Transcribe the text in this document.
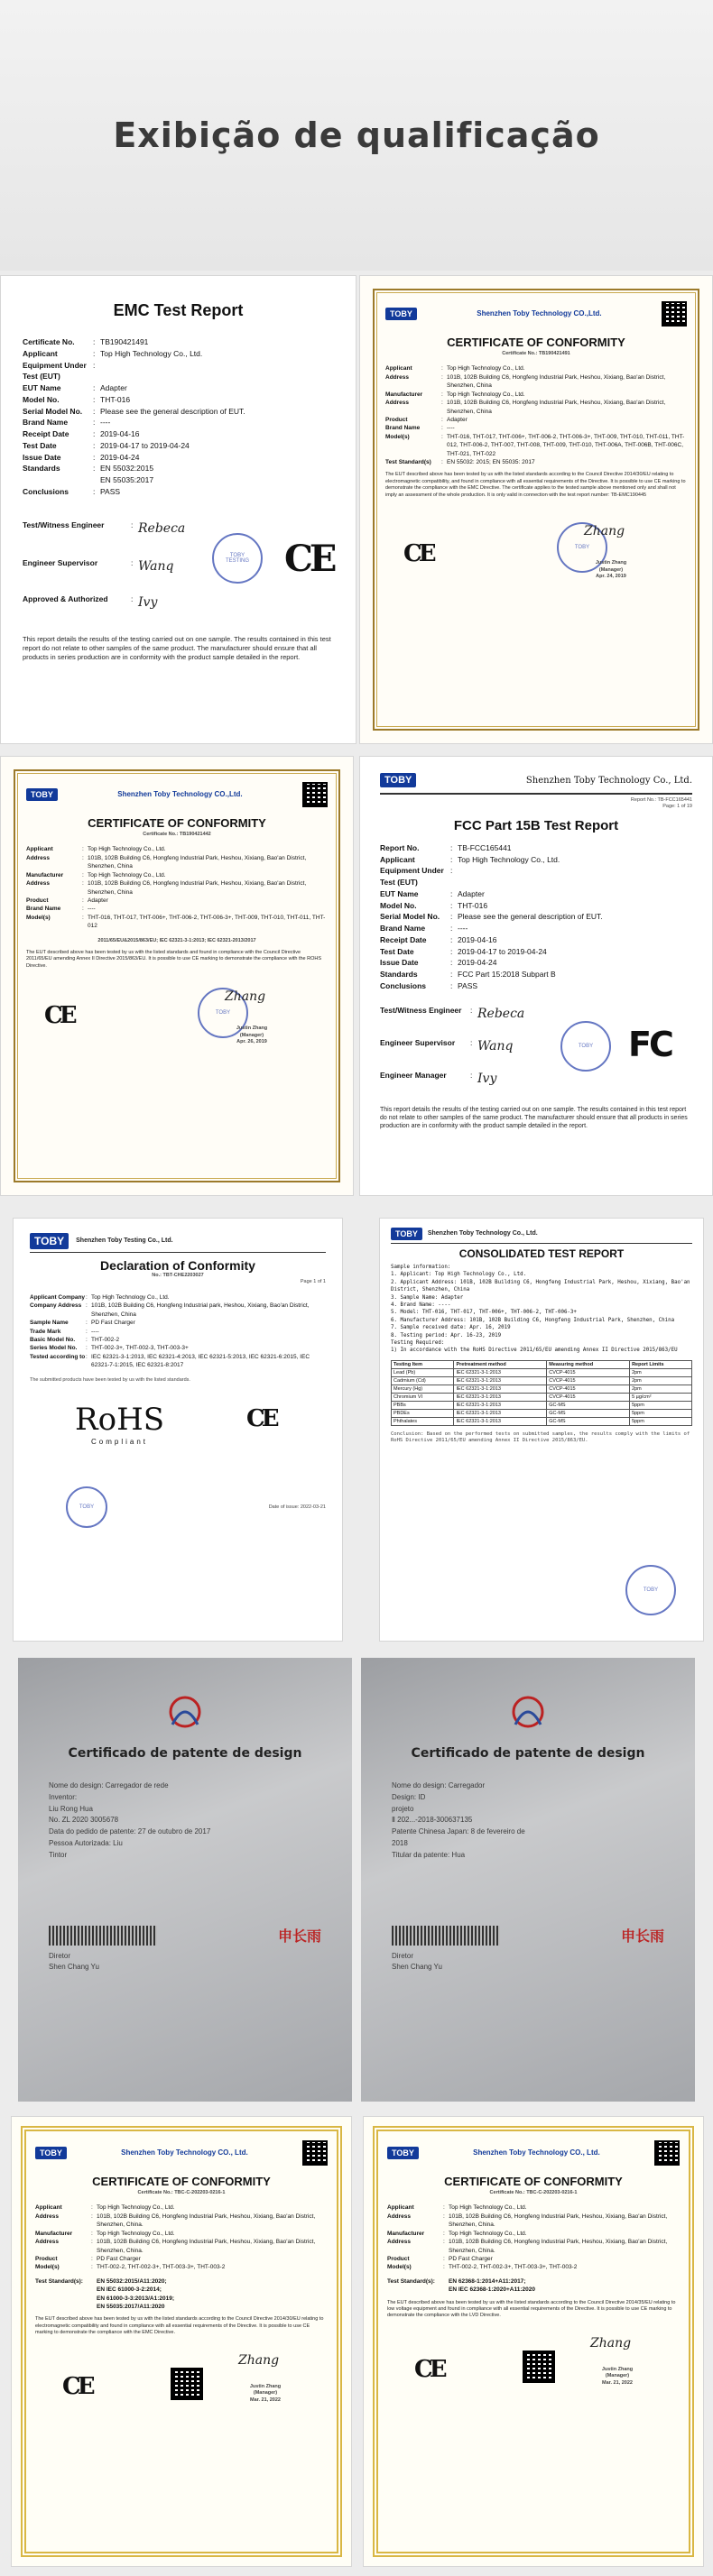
Exibição de qualificação
EMC Test Report
Certificate No.	: TB190421491
Applicant	: Top High Technology Co., Ltd.
Equipment Under Test (EUT)
:
EUT Name	: Adapter
Model No.	: THT-016
Serial Model No.	: Please see the general description of EUT.
Brand Name	: ----
Receipt Date	: 2019-04-16
Test Date	: 2019-04-17 to 2019-04-24
Issue Date	: 2019-04-24
Standards	: EN 55032:2015
EN 55035:2017
Conclusions	: PASS
Test/Witness Engineer	: Rebeca
Engineer Supervisor	: Wanq
Approved & Authorized	: Ivy
TOBY
TESTING CE
This report details the results of the testing carried out on one sample. The results contained in this test report do not relate to other samples of the same product. The manufacturer should ensure that all products in series production are in conformity with the product sample detailed in the report.
TOBY	Shenzhen Toby Technology CO.,Ltd.
CERTIFICATE OF CONFORMITY
Certificate No.: TB190421491
Applicant	: Top High Technology Co., Ltd.
Address	: 101B, 102B Building C6, Hongfeng Industrial Park, Heshou, Xixiang, Bao'an District, Shenzhen, China
Manufacturer	: Top High Technology Co., Ltd.
Address	: 101B, 102B Building C6, Hongfeng Industrial Park, Heshou, Xixiang, Bao'an District, Shenzhen, China
Product	: Adapter
Brand Name	: ----
Model(s)	: THT-016, THT-017, THT-006+, THT-006-2, THT-006-3+, THT-009, THT-010, THT-011, THT-012, THT-006-2, THT-007, THT-008, THT-009, THT-010, THT-006A, THT-006B, THT-006C, THT-021, THT-022
Test Standard(s)	: EN 55032: 2015; EN 55035: 2017
The EUT described above has been tested by us with the listed standards according to the Council Directive 2014/30/EU relating to electromagnetic compatibility, and found in compliance with all essential requirements of the Directive. It is possible to use CE marking to demonstrate the compliance with the EMC Directive. The certificate applies to the tested sample above mentioned only and shall not imply an assessment of the whole production. It is only valid in connection with the test report number: TB-EMC190445
CE	TOBY
Zhang
Justin Zhang
(Manager)
Apr. 24, 2019
TOBY	Shenzhen Toby Technology CO.,Ltd.
CERTIFICATE OF CONFORMITY
Certificate No.: TB190421442
Applicant	: Top High Technology Co., Ltd.
Address	: 101B, 102B Building C6, Hongfeng Industrial Park, Heshou, Xixiang, Bao'an District, Shenzhen, China
Manufacturer	: Top High Technology Co., Ltd.
Address	: 101B, 102B Building C6, Hongfeng Industrial Park, Heshou, Xixiang, Bao'an District, Shenzhen, China
Product	: Adapter
Brand Name	: ----
Model(s)	: THT-016, THT-017, THT-006+, THT-006-2, THT-006-3+, THT-009, THT-010, THT-011, THT-012
2011/65/EU&2015/863/EU; IEC 62321-3-1:2013; IEC 62321-2013/2017
The EUT described above has been tested by us with the listed standards and found in compliance with the Council Directive 2011/65/EU amending Annex II Directive 2015/863/EU. It is possible to use CE marking to demonstrate the compliance with the ROHS Directive.
CE	TOBY
Zhang
Justin Zhang
(Manager)
Apr. 26, 2019
TOBY	Shenzhen Toby Technology Co., Ltd.
Report No.: TB-FCC165441
Page: 1 of 19
FCC Part 15B Test Report
Report No.	: TB-FCC165441
Applicant	: Top High Technology Co., Ltd.
Equipment Under Test (EUT)
:
EUT Name	: Adapter
Model No.	: THT-016
Serial Model No.	: Please see the general description of EUT.
Brand Name	: ----
Receipt Date	: 2019-04-16
Test Date	: 2019-04-17 to 2019-04-24
Issue Date	: 2019-04-24
Standards	: FCC Part 15:2018 Subpart B
Conclusions	: PASS
Test/Witness Engineer	: Rebeca
Engineer Supervisor	: Wanq
Engineer Manager	: Ivy
TOBY	FC
This report details the results of the testing carried out on one sample. The results contained in this test report do not relate to other samples of the same product. The manufacturer should ensure that all products in series production are in conformity with the product sample detailed in the report.
TOBY	Shenzhen Toby Testing Co., Ltd.
Declaration of Conformity
No.: TBT-CHE2203027
Page 1 of 1
Applicant Company : Top High Technology Co., Ltd.
Company Address : 101B, 102B Building C6, Hongfeng Industrial park, Heshou, Xixiang, Bao'an District, Shenzhen, China
Sample Name	: PD Fast Charger
Trade Mark	: ----
Basic Model No.	: THT-002-2
Series Model No.	: THT-002-3+, THT-002-3, THT-003-3+
Tested according to : IEC 62321-3-1:2013, IEC 62321-4:2013, IEC 62321-5:2013, IEC 62321-6:2015, IEC 62321-7-1:2015, IEC 62321-8:2017
The submitted products have been tested by us with the listed standards.
RoHS
Compliant
CE
TOBY	Date of issue: 2022-03-21
TOBY	Shenzhen Toby Technology Co., Ltd.
CONSOLIDATED TEST REPORT
Sample information:
1. Applicant: Top High Technology Co., Ltd.
2. Applicant Address: 101B, 102B Building C6, Hongfeng Industrial Park, Heshou, Xixiang, Bao'an District, Shenzhen, China
3. Sample Name: Adapter
4. Brand Name: ----
5. Model: THT-016, THT-017, THT-006+, THT-006-2, THT-006-3+
6. Manufacturer Address: 101B, 102B Building C6, Hongfeng Industrial Park, Shenzhen, China
7. Sample received date: Apr. 16, 2019
8. Testing period: Apr. 16-23, 2019
Testing Required:
1) In accordance with the RoHS Directive 2011/65/EU amending Annex II Directive 2015/863/EU
Testing Item	Pretreatment method	Measuring method	Report Limits
Lead (Pb)	IEC 62321-3-1:2013	CVCP-4015	2pm
Cadmium (Cd)	IEC 62321-3-1:2013	CVCP-4015	2pm
Mercury (Hg)	IEC 62321-3-1:2013	CVCP-4015	2pm
Chromium VI	IEC 62321-3-1:2013	CVCP-4015	5 µg/cm²
PBBs	IEC 62321-3-1:2013	GC-MS	5ppm
PBDEs	IEC 62321-3-1:2013	GC-MS	5ppm
Phthalates	IEC 62321-3-1:2013	GC-MS	5ppm
Conclusion: Based on the performed tests on submitted samples, the results comply with the limits of RoHS Directive 2011/65/EU amending Annex II Directive 2015/863/EU.
TOBY
Certificado de patente de design
Nome do design: Carregador de rede
Inventor:
Liu Rong Hua
No. ZL 2020 3005678
Data do pedido de patente: 27 de outubro de 2017
Pessoa Autorizada: Liu
Tintor
申长雨
Diretor
Shen Chang Yu
Certificado de patente de design
Nome do design: Carregador
Design: ID
projeto
Ⅱ 202...-2018-300637135
Patente Chinesa Japan: 8 de fevereiro de
2018
Titular da patente: Hua
申长雨
Diretor
Shen Chang Yu
TOBY	Shenzhen Toby Technology CO., Ltd.
CERTIFICATE OF CONFORMITY
Certificate No.: TBC-C-202203-0216-1
Applicant	: Top High Technology Co., Ltd.
Address	: 101B, 102B Building C6, Hongfeng Industrial Park, Heshou, Xixiang, Bao'an District, Shenzhen, China.
Manufacturer	: Top High Technology Co., Ltd.
Address	: 101B, 102B Building C6, Hongfeng Industrial Park, Heshou, Xixiang, Bao'an District, Shenzhen, China.
Product	: PD Fast Charger
Model(s)	: THT-002-2, THT-002-3+, THT-003-3+, THT-003-2
Test Standard(s):	EN 55032:2015/A11:2020;
EN IEC 61000-3-2:2014;
EN 61000-3-3:2013/A1:2019;
EN 55035:2017/A11:2020
The EUT described above has been tested by us with the listed standards according to the Council Directive 2014/30/EU relating to electromagnetic compatibility and found in compliance with all essential requirements of the Directive. It is possible to use CE marking to demonstrate the compliance with the EMC Directive.
CE
Zhang
Justin Zhang
(Manager)
Mar. 21, 2022
TOBY	Shenzhen Toby Technology CO., Ltd.
CERTIFICATE OF CONFORMITY
Certificate No.: TBC-C-202203-0216-1
Applicant	: Top High Technology Co., Ltd.
Address	: 101B, 102B Building C6, Hongfeng Industrial Park, Heshou, Xixiang, Bao'an District, Shenzhen, China.
Manufacturer	: Top High Technology Co., Ltd.
Address	: 101B, 102B Building C6, Hongfeng Industrial Park, Heshou, Xixiang, Bao'an District, Shenzhen, China.
Product	: PD Fast Charger
Model(s)	: THT-002-2, THT-002-3+, THT-003-3+, THT-003-2
Test Standard(s):	EN 62368-1:2014+A11:2017;
EN IEC 62368-1:2020+A11:2020
The EUT described above has been tested by us with the listed standards according to the Council Directive 2014/35/EU relating to low voltage equipment and found in compliance with all essential requirements of the Directive. It is possible to use CE marking to demonstrate the compliance with the LVD Directive.
CE
Zhang
Justin Zhang
(Manager)
Mar. 21, 2022
